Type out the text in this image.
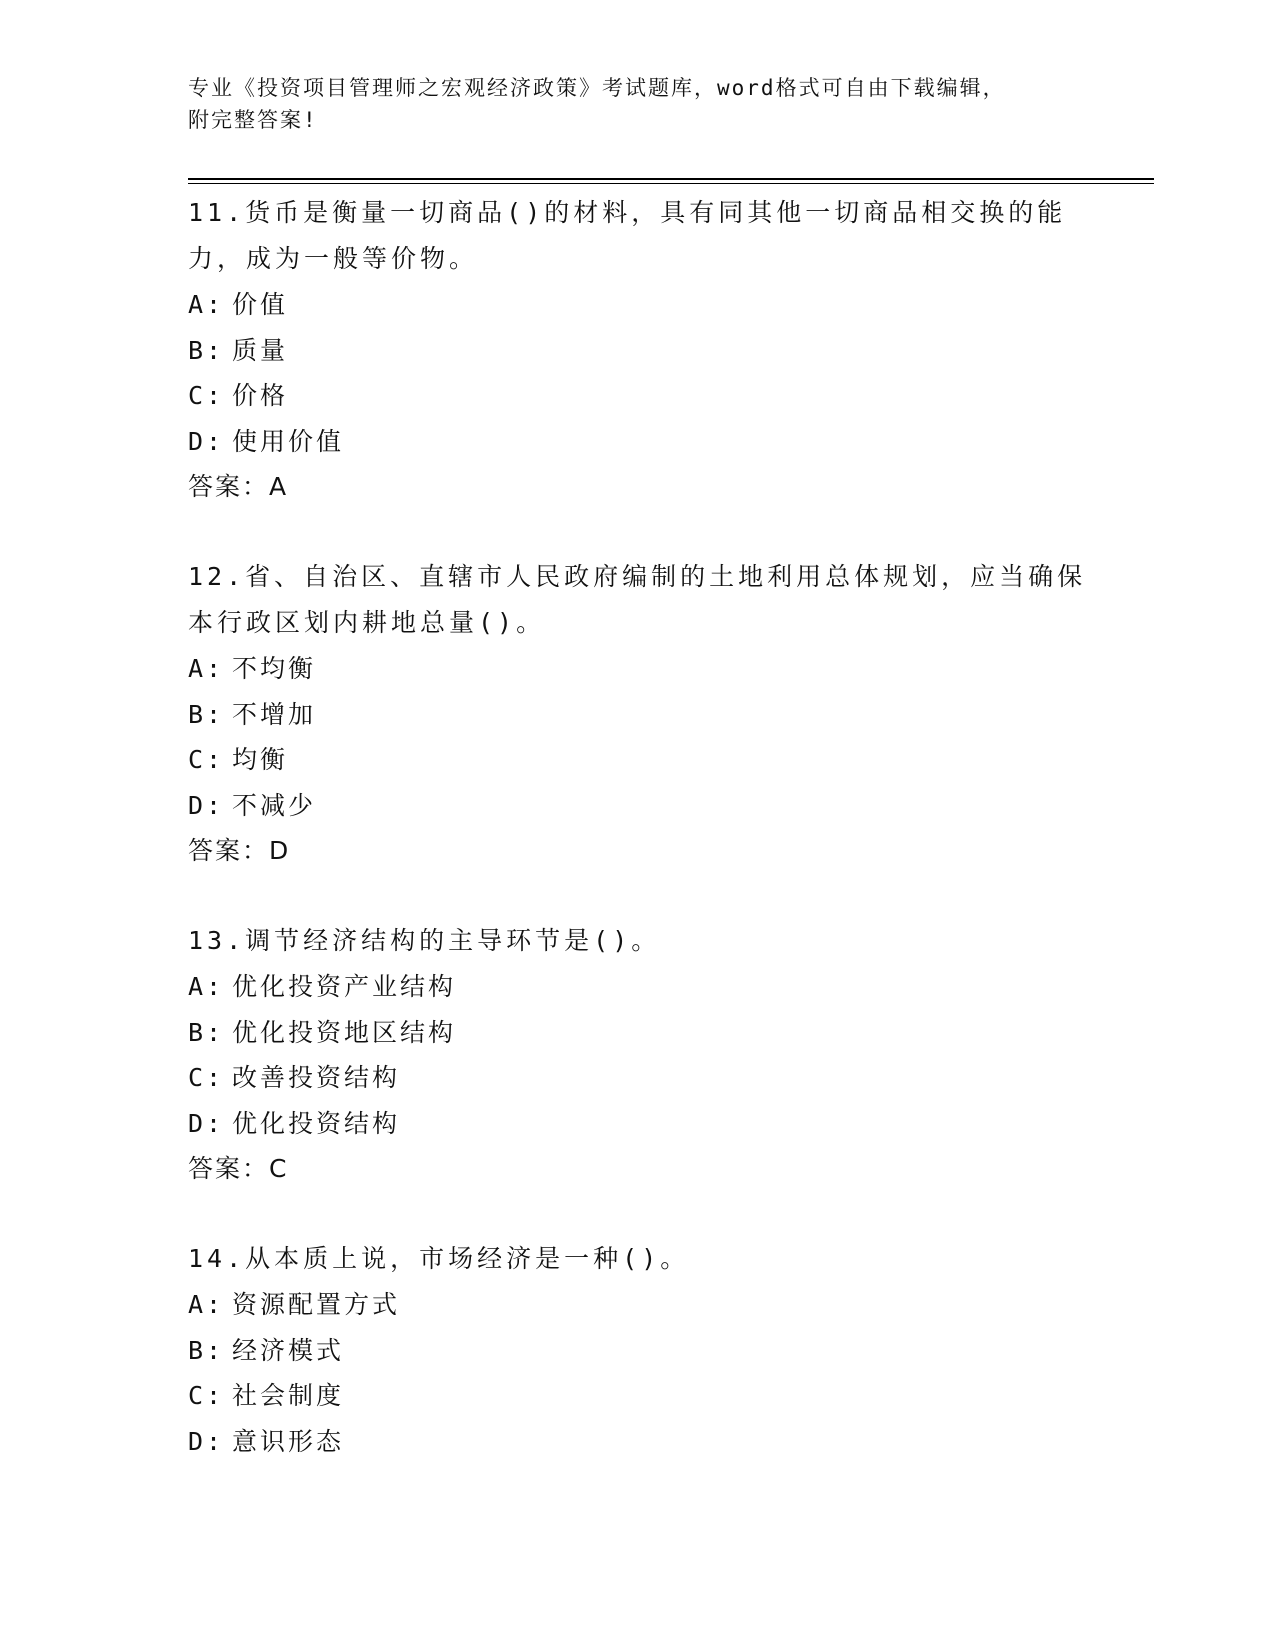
专业《投资项目管理师之宏观经济政策》考试题库，word格式可自由下载编辑，
附完整答案!
11.货币是衡量一切商品()的材料，具有同其他一切商品相交换的能力，成为一般等价物。
A: 价值
B: 质量
C: 价格
D: 使用价值
答案：A
12.省、自治区、直辖市人民政府编制的土地利用总体规划，应当确保本行政区划内耕地总量()。
A: 不均衡
B: 不增加
C: 均衡
D: 不减少
答案：D
13.调节经济结构的主导环节是()。
A: 优化投资产业结构
B: 优化投资地区结构
C: 改善投资结构
D: 优化投资结构
答案：C
14.从本质上说，市场经济是一种()。
A: 资源配置方式
B: 经济模式
C: 社会制度
D: 意识形态
